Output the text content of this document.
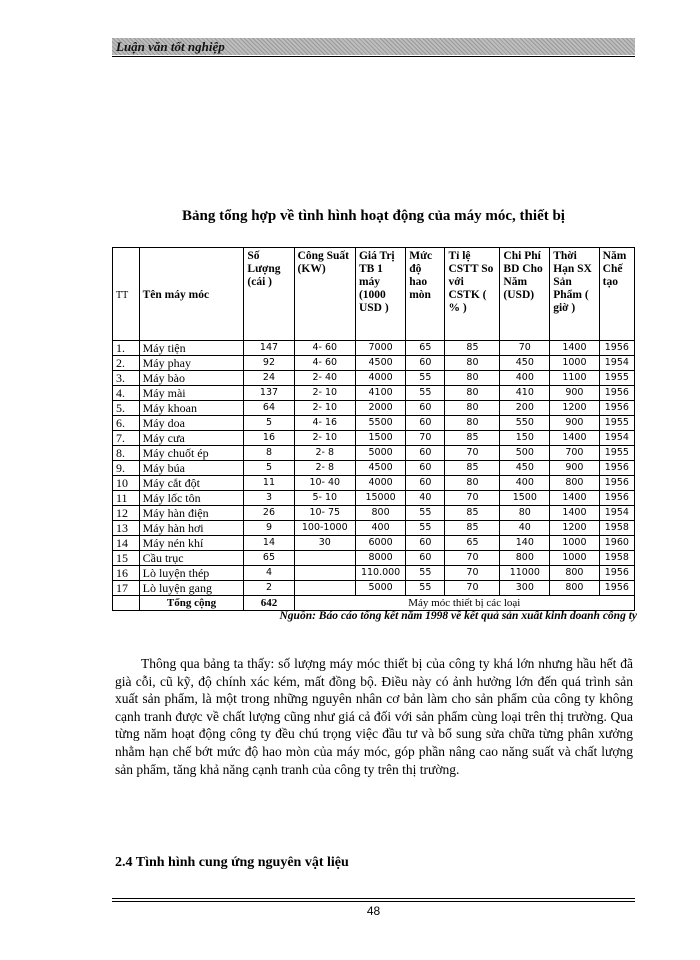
Luận văn tốt nghiệp
Bảng tổng hợp về tình hình hoạt động của máy móc, thiết bị
TT	Tên máy móc	Số Lượng (cái )	Công Suất (KW)	Giá Trị TB 1 máy (1000 USD )	Mức độ hao mòn	Tỉ lệ CSTT So với CSTK ( % )	Chi Phí BD Cho Năm (USD)	Thời Hạn SX Sản Phẩm ( giờ )	Năm Chế tạo
1.	Máy tiện	147	4- 60	7000	65	85	70	1400	1956
2.	Máy phay	92	4- 60	4500	60	80	450	1000	1954
3.	Máy bào	24	2- 40	4000	55	80	400	1100	1955
4.	Máy mài	137	2- 10	4100	55	80	410	900	1956
5.	Máy khoan	64	2- 10	2000	60	80	200	1200	1956
6.	Máy doa	5	4- 16	5500	60	80	550	900	1955
7.	Máy cưa	16	2- 10	1500	70	85	150	1400	1954
8.	Máy chuốt ép	8	2- 8	5000	60	70	500	700	1955
9.	Máy búa	5	2- 8	4500	60	85	450	900	1956
10	Máy cắt đột	11	10- 40	4000	60	80	400	800	1956
11	Máy lốc tôn	3	5- 10	15000	40	70	1500	1400	1956
12	Máy hàn điện	26	10- 75	800	55	85	80	1400	1954
13	Máy hàn hơi	9	100-1000	400	55	85	40	1200	1958
14	Máy nén khí	14	30	6000	60	65	140	1000	1960
15	Cầu trục	65		8000	60	70	800	1000	1958
16	Lò luyện thép	4		110.000	55	70	11000	800	1956
17	Lò luyện gang	2		5000	55	70	300	800	1956
	Tổng cộng	642	Máy móc thiết bị các loại						
Nguồn: Báo cáo tổng kết năm 1998 về kết quả sản xuất kinh doanh công ty

Thông qua bảng ta thấy: số lượng máy móc thiết bị của công ty khá lớn nhưng hầu hết đã già cỗi, cũ kỹ, độ chính xác kém, mất đồng bộ. Điều này có ảnh hưởng lớn đến quá trình sản xuất sản phẩm, là một trong những nguyên nhân cơ bản làm cho sản phẩm của công ty không cạnh tranh được về chất lượng cũng như giá cả đối với sản phẩm cùng loại trên thị trường. Qua từng năm hoạt động công ty đều chú trọng việc đầu tư và bổ sung sửa chữa từng phân xưởng nhằm hạn chế bớt mức độ hao mòn của máy móc, góp phần nâng cao năng suất và chất lượng sản phẩm, tăng khả năng cạnh tranh của công ty trên thị trường.

2.4 Tình hình cung ứng nguyên vật liệu
48
